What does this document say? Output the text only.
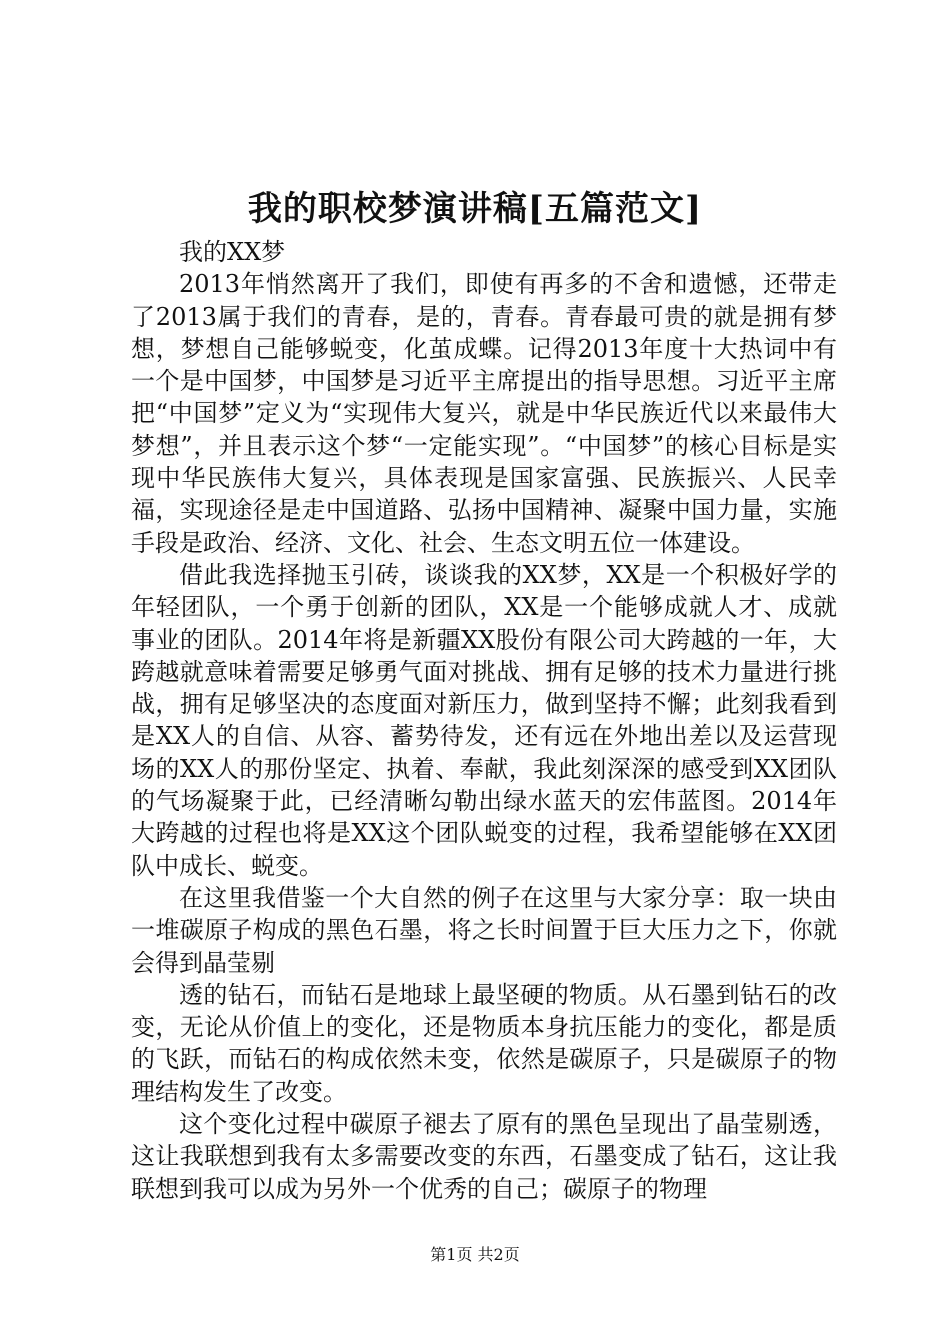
我的职校梦演讲稿[五篇范文]

我的XX梦

2013年悄然离开了我们，即使有再多的不舍和遗憾，还带走了2013属于我们的青春，是的，青春。青春最可贵的就是拥有梦想，梦想自己能够蜕变，化茧成蝶。记得2013年度十大热词中有一个是中国梦，中国梦是习近平主席提出的指导思想。习近平主席把“中国梦”定义为“实现伟大复兴，就是中华民族近代以来最伟大梦想”，并且表示这个梦“一定能实现”。“中国梦”的核心目标是实现中华民族伟大复兴，具体表现是国家富强、民族振兴、人民幸福，实现途径是走中国道路、弘扬中国精神、凝聚中国力量，实施手段是政治、经济、文化、社会、生态文明五位一体建设。

借此我选择抛玉引砖，谈谈我的XX梦，XX是一个积极好学的年轻团队，一个勇于创新的团队，XX是一个能够成就人才、成就事业的团队。2014年将是新疆XX股份有限公司大跨越的一年，大跨越就意味着需要足够勇气面对挑战、拥有足够的技术力量进行挑战，拥有足够坚决的态度面对新压力，做到坚持不懈；此刻我看到是XX人的自信、从容、蓄势待发，还有远在外地出差以及运营现场的XX人的那份坚定、执着、奉献，我此刻深深的感受到XX团队的气场凝聚于此，已经清晰勾勒出绿水蓝天的宏伟蓝图。2014年大跨越的过程也将是XX这个团队蜕变的过程，我希望能够在XX团队中成长、蜕变。

在这里我借鉴一个大自然的例子在这里与大家分享：取一块由一堆碳原子构成的黑色石墨，将之长时间置于巨大压力之下，你就会得到晶莹剔

透的钻石，而钻石是地球上最坚硬的物质。从石墨到钻石的改变，无论从价值上的变化，还是物质本身抗压能力的变化，都是质的飞跃，而钻石的构成依然未变，依然是碳原子，只是碳原子的物理结构发生了改变。

这个变化过程中碳原子褪去了原有的黑色呈现出了晶莹剔透，这让我联想到我有太多需要改变的东西，石墨变成了钻石，这让我联想到我可以成为另外一个优秀的自己；碳原子的物理

第1页 共2页
